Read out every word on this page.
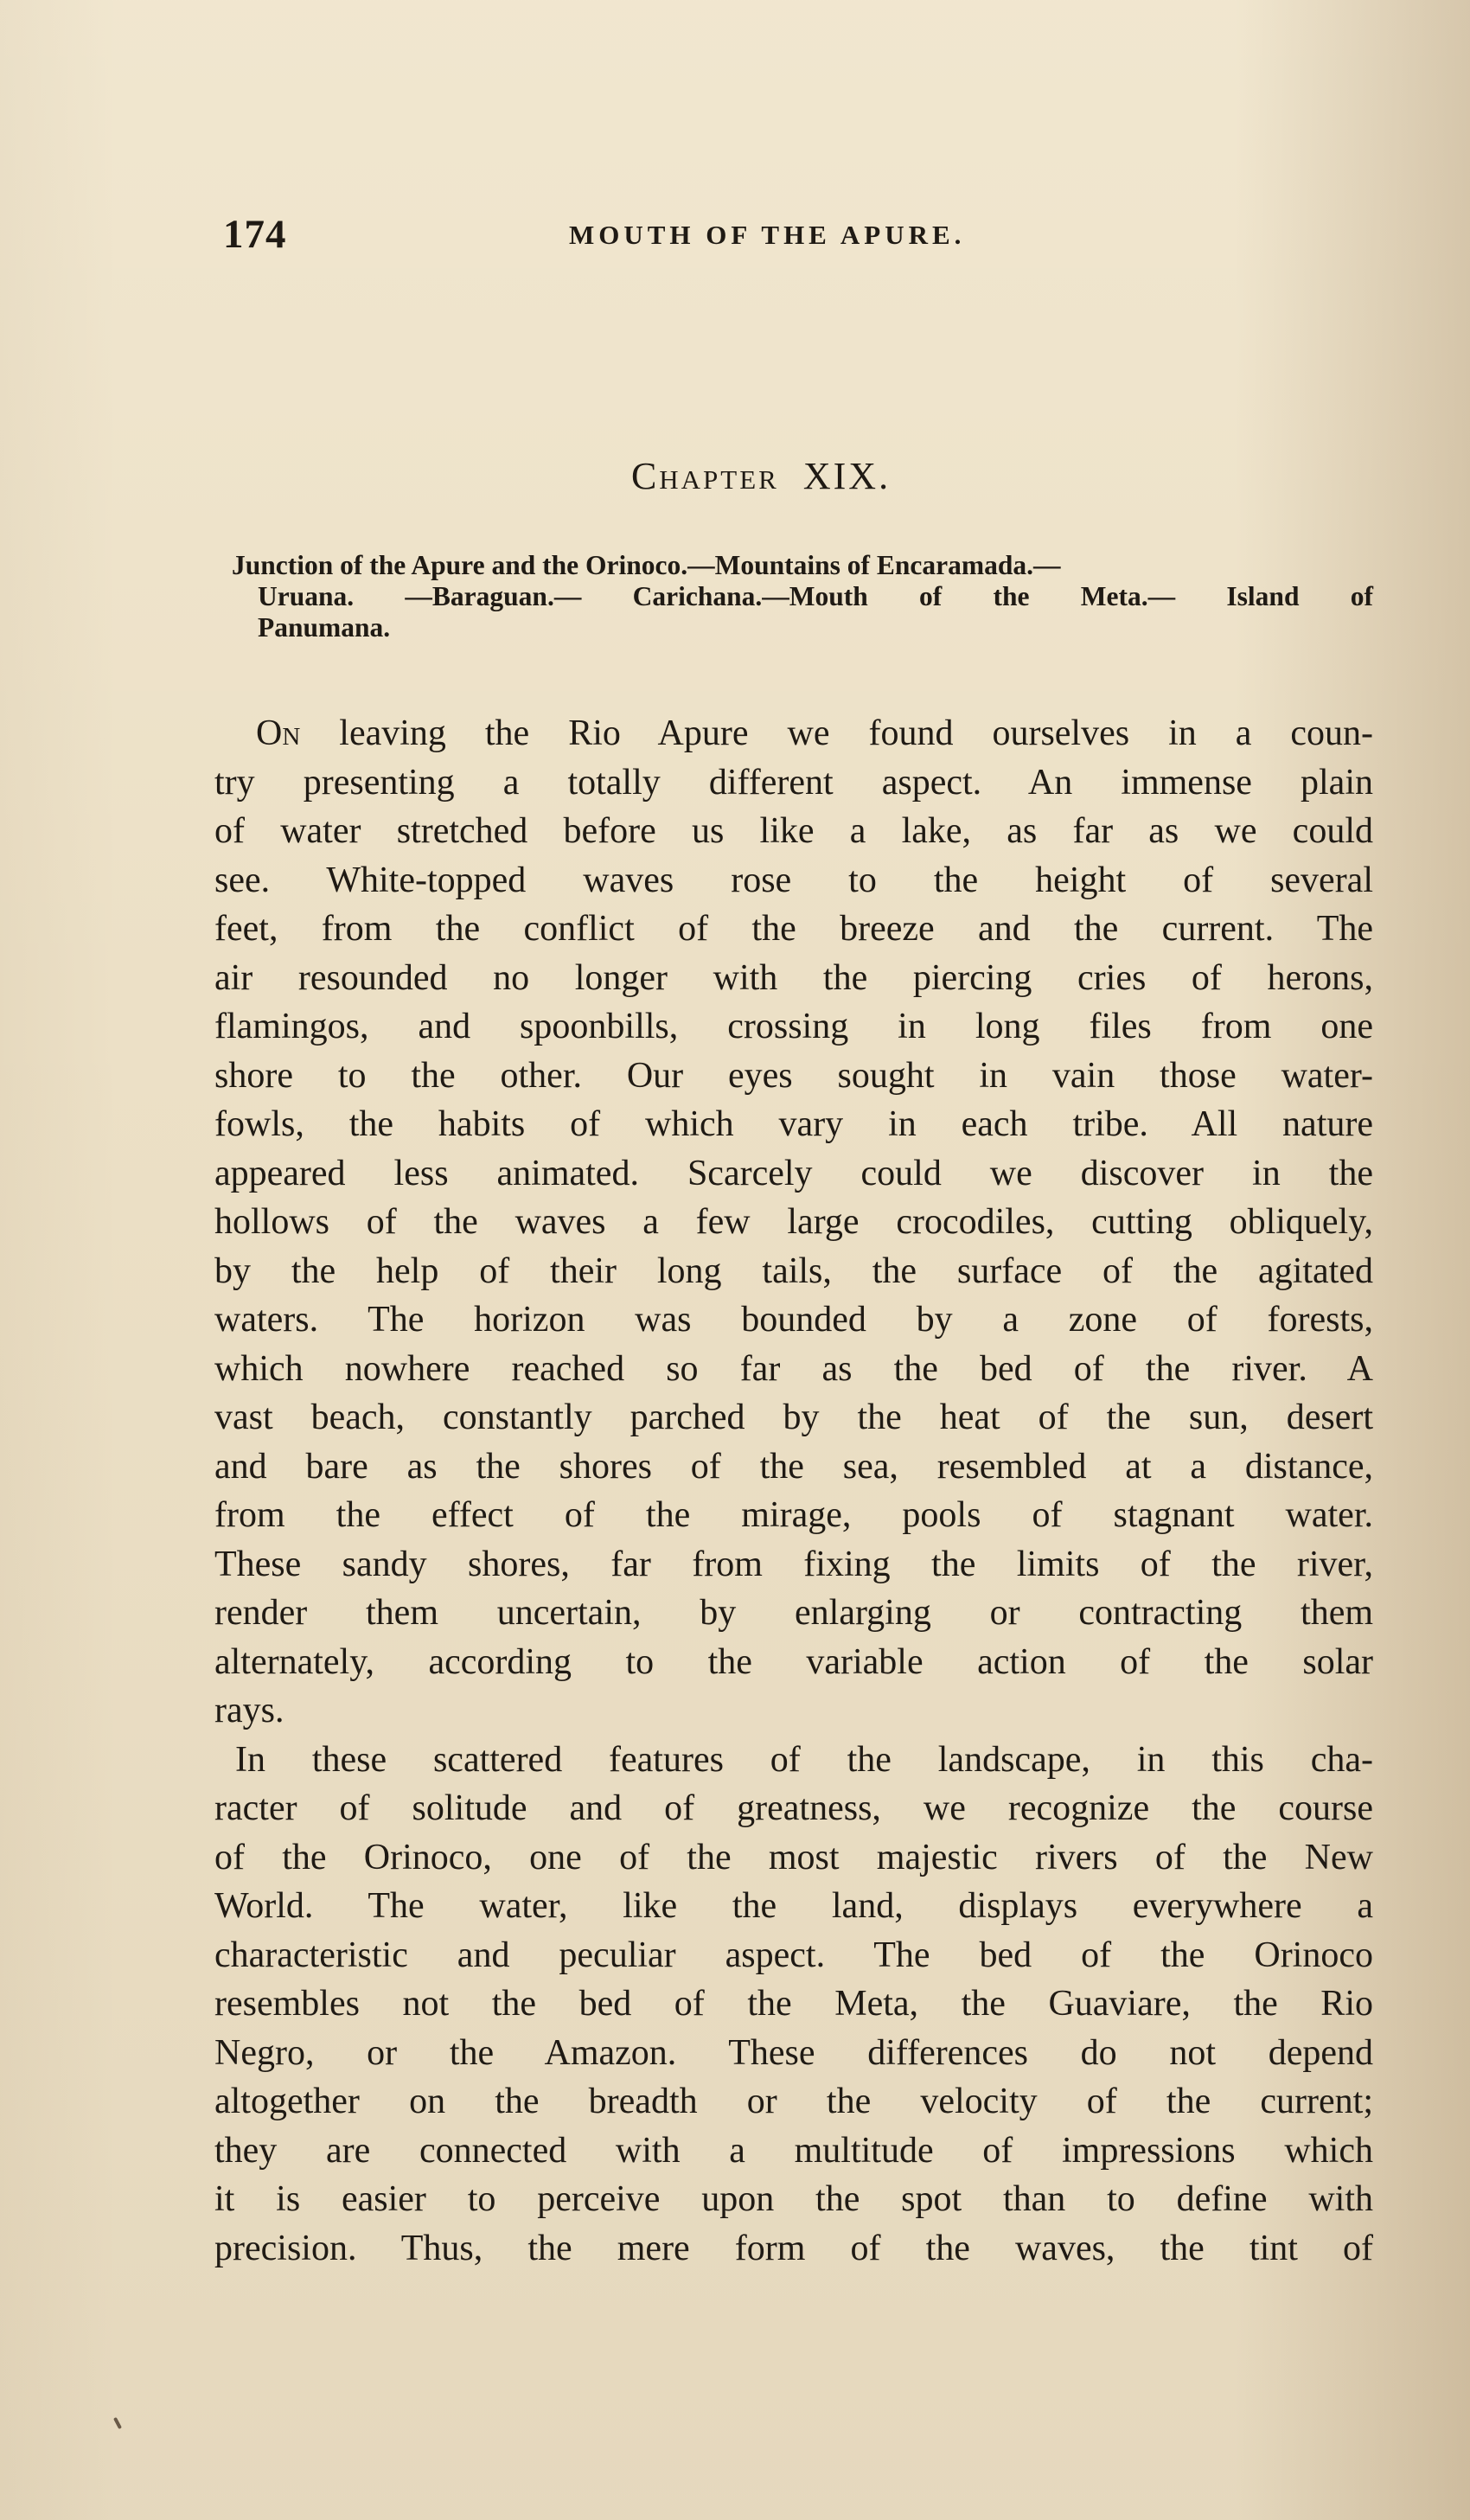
174	MOUTH OF THE APURE.
Chapter XIX.
Junction of the Apure and the Orinoco.—Mountains of Encaramada.—
Uruana. —Baraguan.— Carichana.—Mouth of the Meta.— Island of
Panumana.
On leaving the Rio Apure we found ourselves in a coun-
try presenting a totally different aspect. An immense plain
of water stretched before us like a lake, as far as we could
see. White-topped waves rose to the height of several
feet, from the conflict of the breeze and the current. The
air resounded no longer with the piercing cries of herons,
flamingos, and spoonbills, crossing in long files from one
shore to the other. Our eyes sought in vain those water-
fowls, the habits of which vary in each tribe. All nature
appeared less animated. Scarcely could we discover in the
hollows of the waves a few large crocodiles, cutting obliquely,
by the help of their long tails, the surface of the agitated
waters. The horizon was bounded by a zone of forests,
which nowhere reached so far as the bed of the river. A
vast beach, constantly parched by the heat of the sun, desert
and bare as the shores of the sea, resembled at a distance,
from the effect of the mirage, pools of stagnant water.
These sandy shores, far from fixing the limits of the river,
render them uncertain, by enlarging or contracting them
alternately, according to the variable action of the solar
rays.
In these scattered features of the landscape, in this cha-
racter of solitude and of greatness, we recognize the course
of the Orinoco, one of the most majestic rivers of the New
World. The water, like the land, displays everywhere a
characteristic and peculiar aspect. The bed of the Orinoco
resembles not the bed of the Meta, the Guaviare, the Rio
Negro, or the Amazon. These differences do not depend
altogether on the breadth or the velocity of the current;
they are connected with a multitude of impressions which
it is easier to perceive upon the spot than to define with
precision. Thus, the mere form of the waves, the tint of
